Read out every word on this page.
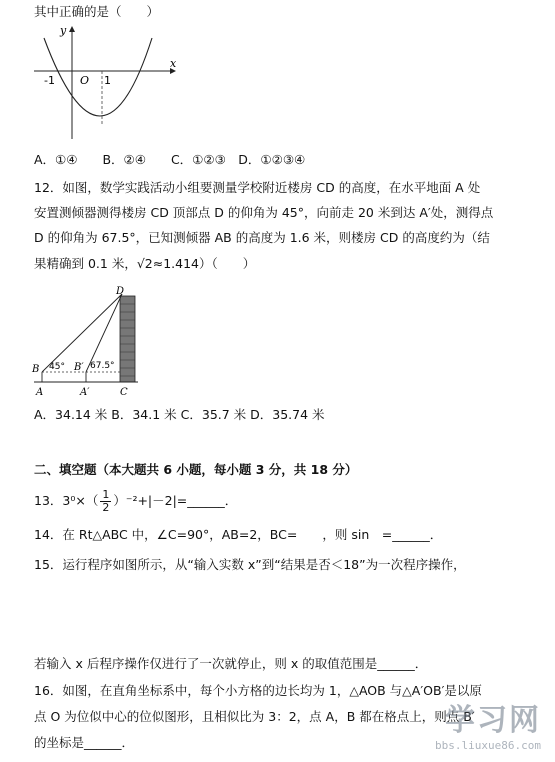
其中正确的是（　　）
y
x
O
-1	1
A．①④　　B．②④　　C．①②③　D．①②③④
12．如图，数学实践活动小组要测量学校附近楼房 CD 的高度，在水平地面 A 处
安置测倾器测得楼房 CD 顶部点 D 的仰角为 45°，向前走 20 米到达 A′处，测得点
D 的仰角为 67.5°，已知测倾器 AB 的高度为 1.6 米，则楼房 CD 的高度约为（结
果精确到 0.1 米，√2≈1.414）（　　）
D
B 45° B′ 67.5°
A	A′	C
A．34.14 米 B．34.1 米 C．35.7 米 D．35.74 米
二、填空题（本大题共 6 小题，每小题 3 分，共 18 分）
13．$3^0\times( \frac{1}{2}$ ）⁻²+|－2|=______．
14．在 Rt△ABC 中，∠C=90°，AB=2，BC=　　，则 sin　=______．
15．运行程序如图所示，从“输入实数 x”到“结果是否＜18”为一次程序操作，
若输入 x 后程序操作仅进行了一次就停止，则 x 的取值范围是______．
16．如图，在直角坐标系中，每个小方格的边长均为 1，△AOB 与△A′OB′是以原
点 O 为位似中心的位似图形，且相似比为 3：2，点 A，B 都在格点上，则点 B′
的坐标是______．
学习网
bbs.liuxue86.com
